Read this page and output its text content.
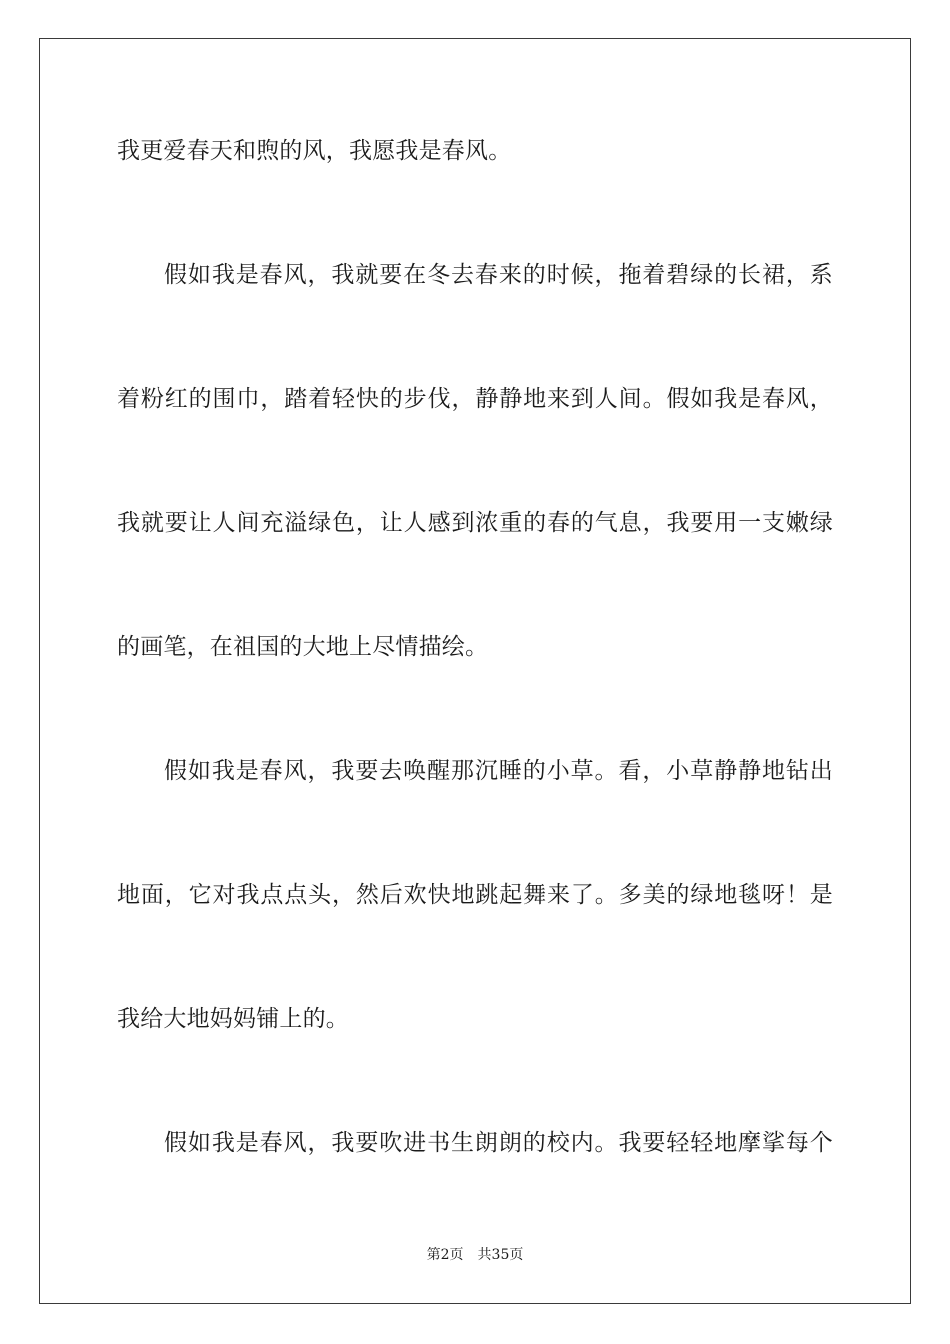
我更爱春天和煦的风，我愿我是春风。
假如我是春风，我就要在冬去春来的时候，拖着碧绿的长裙，系
着粉红的围巾，踏着轻快的步伐，静静地来到人间。假如我是春风，
我就要让人间充溢绿色，让人感到浓重的春的气息，我要用一支嫩绿
的画笔，在祖国的大地上尽情描绘。
假如我是春风，我要去唤醒那沉睡的小草。看，小草静静地钻出
地面，它对我点点头，然后欢快地跳起舞来了。多美的绿地毯呀！是
我给大地妈妈铺上的。
假如我是春风，我要吹进书生朗朗的校内。我要轻轻地摩挲每个
第2页 共35页
